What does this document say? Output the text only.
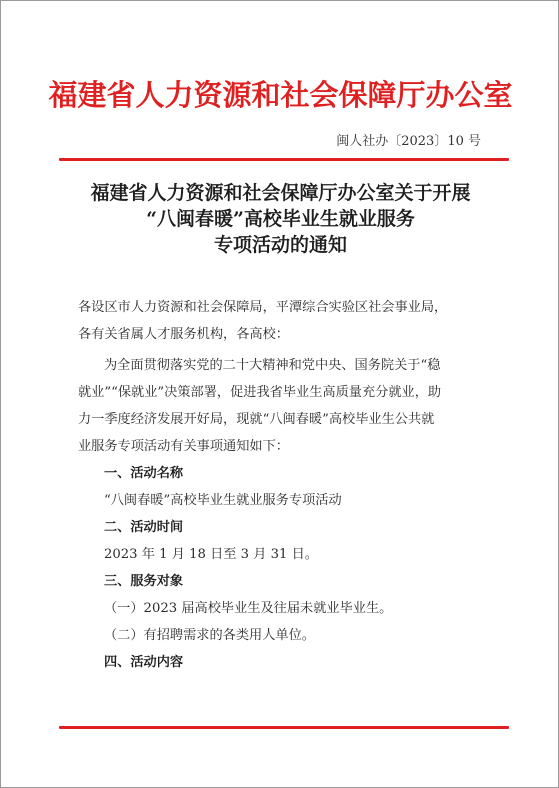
福建省人力资源和社会保障厅办公室
闽人社办〔2023〕10 号
福建省人力资源和社会保障厅办公室关于开展
“八闽春暖”高校毕业生就业服务
专项活动的通知

各设区市人力资源和社会保障局，平潭综合实验区社会事业局，

各有关省属人才服务机构，各高校：

为全面贯彻落实党的二十大精神和党中央、国务院关于“稳

就业”“保就业”决策部署，促进我省毕业生高质量充分就业，助

力一季度经济发展开好局，现就“八闽春暖”高校毕业生公共就

业服务专项活动有关事项通知如下：

一、活动名称

“八闽春暖”高校毕业生就业服务专项活动

二、活动时间

2023 年 1 月 18 日至 3 月 31 日。

三、服务对象

（一）2023 届高校毕业生及往届未就业毕业生。

（二）有招聘需求的各类用人单位。

四、活动内容
